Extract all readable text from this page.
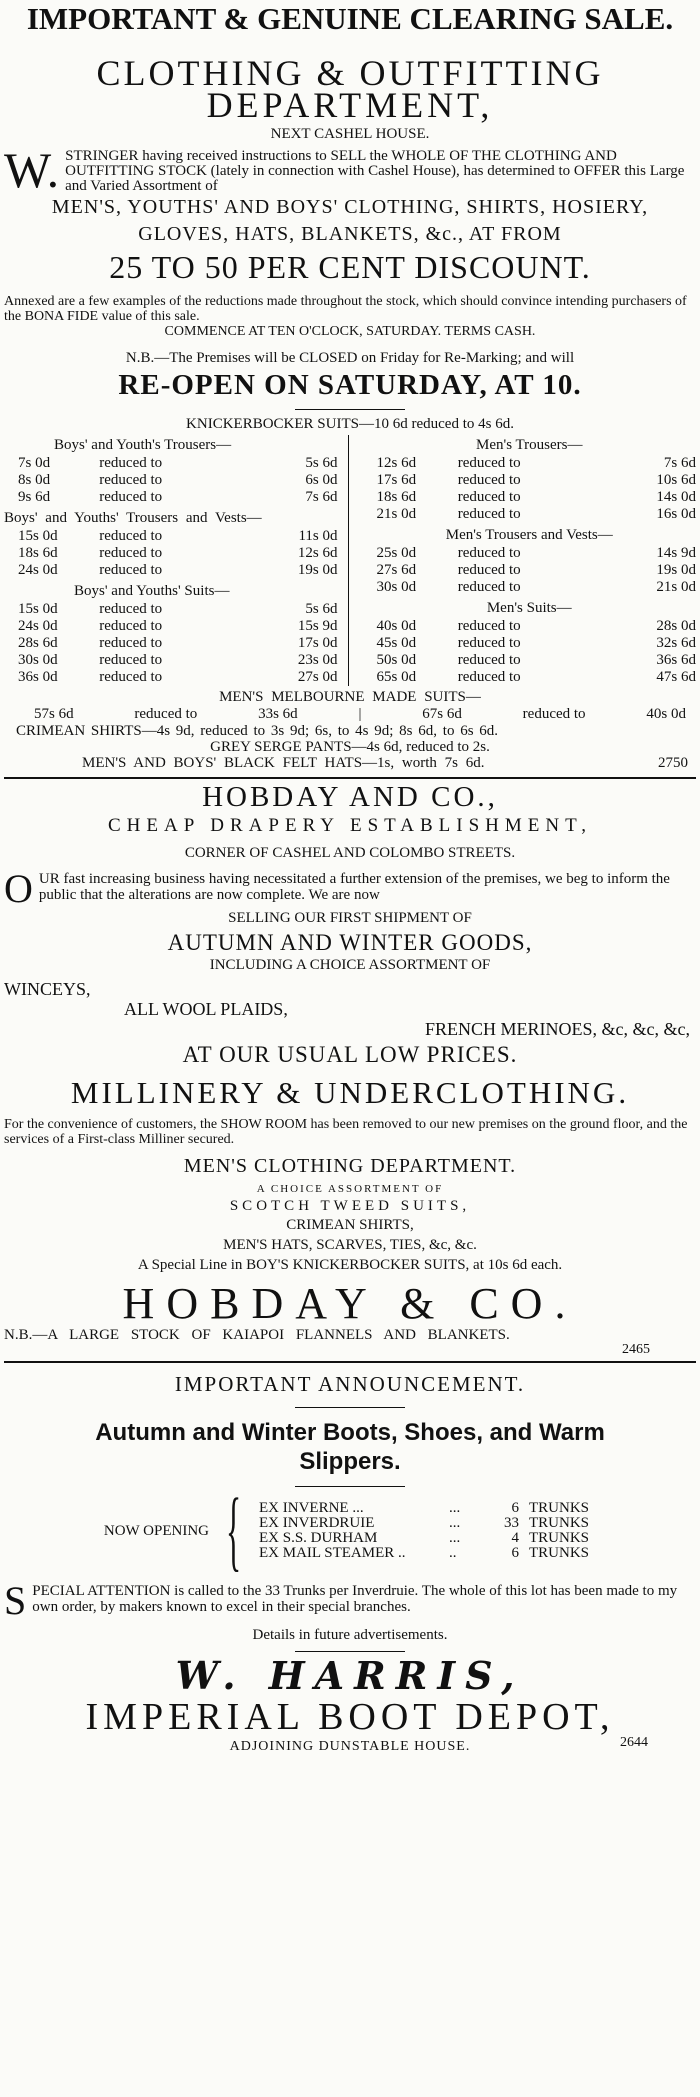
IMPORTANT & GENUINE CLEARING SALE.
CLOTHING & OUTFITTING
DEPARTMENT,
NEXT CASHEL HOUSE.

W. STRINGER having received instructions to SELL the WHOLE OF THE CLOTHING AND OUTFITTING STOCK (lately in connection with Cashel House), has determined to OFFER this Large and Varied Assortment of

MEN'S, YOUTHS' AND BOYS' CLOTHING, SHIRTS, HOSIERY,
GLOVES, HATS, BLANKETS, &c., AT FROM
25 TO 50 PER CENT DISCOUNT.

Annexed are a few examples of the reductions made throughout the stock, which should convince intending purchasers of the BONA FIDE value of this sale.

COMMENCE AT TEN O'CLOCK, SATURDAY. TERMS CASH.
N.B.—The Premises will be CLOSED on Friday for Re-Marking; and will
RE-OPEN ON SATURDAY, AT 10.
KNICKERBOCKER SUITS—10 6d reduced to 4s 6d.
Boys' and Youth's Trousers—
7s 0d	reduced to	5s 6d
8s 0d	reduced to	6s 0d
9s 6d	reduced to	7s 6d
Boys' and Youths' Trousers and Vests—
15s 0d	reduced to	11s 0d
18s 6d	reduced to	12s 6d
24s 0d	reduced to	19s 0d
Boys' and Youths' Suits—
15s 0d	reduced to	5s 6d
24s 0d	reduced to	15s 9d
28s 6d	reduced to	17s 0d
30s 0d	reduced to	23s 0d
36s 0d	reduced to	27s 0d
Men's Trousers—
12s 6d	reduced to	7s 6d
17s 6d	reduced to	10s 6d
18s 6d	reduced to	14s 0d
21s 0d	reduced to	16s 0d
Men's Trousers and Vests—
25s 0d	reduced to	14s 9d
27s 6d	reduced to	19s 0d
30s 0d	reduced to	21s 0d
Men's Suits—
40s 0d	reduced to	28s 0d
45s 0d	reduced to	32s 6d
50s 0d	reduced to	36s 6d
65s 0d	reduced to	47s 6d
MEN'S MELBOURNE MADE SUITS—
57s 6d	reduced to	33s 6d	|	67s 6d	reduced to	40s 0d
CRIMEAN SHIRTS—4s 9d, reduced to 3s 9d; 6s, to 4s 9d; 8s 6d, to 6s 6d.
GREY SERGE PANTS—4s 6d, reduced to 2s.
MEN'S AND BOYS' BLACK FELT HATS—1s, worth 7s 6d.	2750
HOBDAY AND CO.,
CHEAP DRAPERY ESTABLISHMENT,
CORNER OF CASHEL AND COLOMBO STREETS.

O UR fast increasing business having necessitated a further extension of the premises, we beg to inform the public that the alterations are now complete. We are now

SELLING OUR FIRST SHIPMENT OF
AUTUMN AND WINTER GOODS,
INCLUDING A CHOICE ASSORTMENT OF
WINCEYS,
ALL WOOL PLAIDS,
FRENCH MERINOES, &c, &c, &c,
AT OUR USUAL LOW PRICES.
MILLINERY & UNDERCLOTHING.

For the convenience of customers, the SHOW ROOM has been removed to our new premises on the ground floor, and the services of a First-class Milliner secured.

MEN'S CLOTHING DEPARTMENT.
A CHOICE ASSORTMENT OF
SCOTCH TWEED SUITS,
CRIMEAN SHIRTS,
MEN'S HATS, SCARVES, TIES, &c, &c.
A Special Line in BOY'S KNICKERBOCKER SUITS, at 10s 6d each.
HOBDAY & CO.
N.B.—A LARGE STOCK OF KAIAPOI FLANNELS AND BLANKETS.
2465
IMPORTANT ANNOUNCEMENT.
Autumn and Winter Boots, Shoes, and Warm
Slippers.
NOW OPENING {	EX INVERNE ...	...	6 TRUNKS
EX INVERDRUIE	...	33 TRUNKS
EX S.S. DURHAM	...	4 TRUNKS
EX MAIL STEAMER ..	..	6 TRUNKS

S PECIAL ATTENTION is called to the 33 Trunks per Inverdruie. The whole of this lot has been made to my own order, by makers known to excel in their special branches.

Details in future advertisements.
W. HARRIS,
IMPERIAL BOOT DEPOT,
ADJOINING DUNSTABLE HOUSE.	2644
